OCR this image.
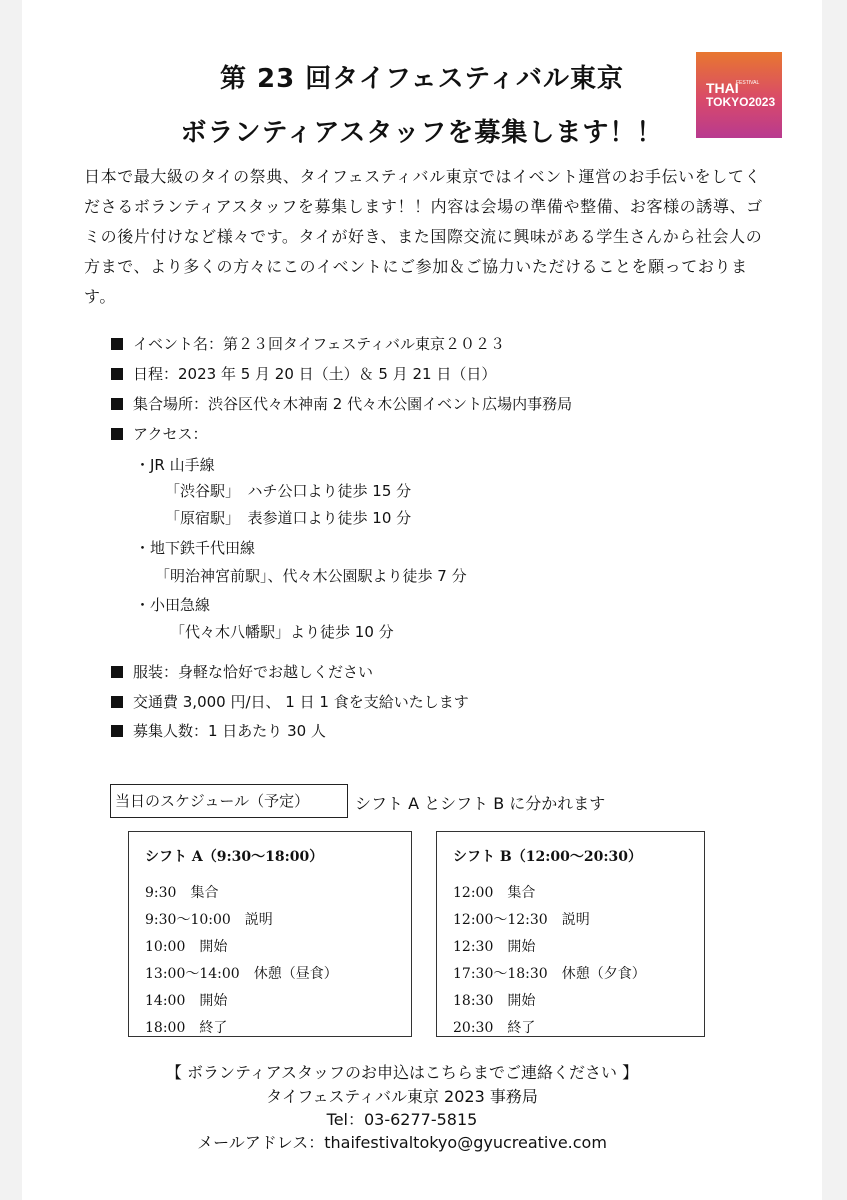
第 23 回タイフェスティバル東京
ボランティアスタッフを募集します！！
THAI
FESTIVAL
TOKYO2023
日本で最大級のタイの祭典、タイフェスティバル東京ではイベント運営のお手伝いをしてくださるボランティアスタッフを募集します！！内容は会場の準備や整備、お客様の誘導、ゴミの後片付けなど様々です。タイが好き、また国際交流に興味がある学生さんから社会人の方まで、より多くの方々にこのイベントにご参加＆ご協力いただけることを願っております。
イベント名：第２３回タイフェスティバル東京２０２３
日程：2023 年 5 月 20 日（土）＆ 5 月 21 日（日）
集合場所：渋谷区代々木神南 2 代々木公園イベント広場内事務局
アクセス：
・JR 山手線
「渋谷駅」　ハチ公口より徒歩 15 分
「原宿駅」　表参道口より徒歩 10 分
・地下鉄千代田線
「明治神宮前駅」、代々木公園駅より徒歩 7 分
・小田急線
「代々木八幡駅」より徒歩 10 分
服装：身軽な恰好でお越しください
交通費 3,000 円/日、 1 日 1 食を支給いたします
募集人数：1 日あたり 30 人
当日のスケジュール（予定）	シフト A とシフト B に分かれます
シフト A（9:30〜18:00）
9:30　集合
9:30〜10:00　説明
10:00　開始
13:00〜14:00　休憩（昼食）
14:00　開始
18:00　終了
シフト B（12:00〜20:30）
12:00　集合
12:00〜12:30　説明
12:30　開始
17:30〜18:30　休憩（夕食）
18:30　開始
20:30　終了
【 ボランティアスタッフのお申込はこちらまでご連絡ください 】
タイフェスティバル東京 2023 事務局
Tel：03-6277-5815
メールアドレス：thaifestivaltokyo@gyucreative.com
